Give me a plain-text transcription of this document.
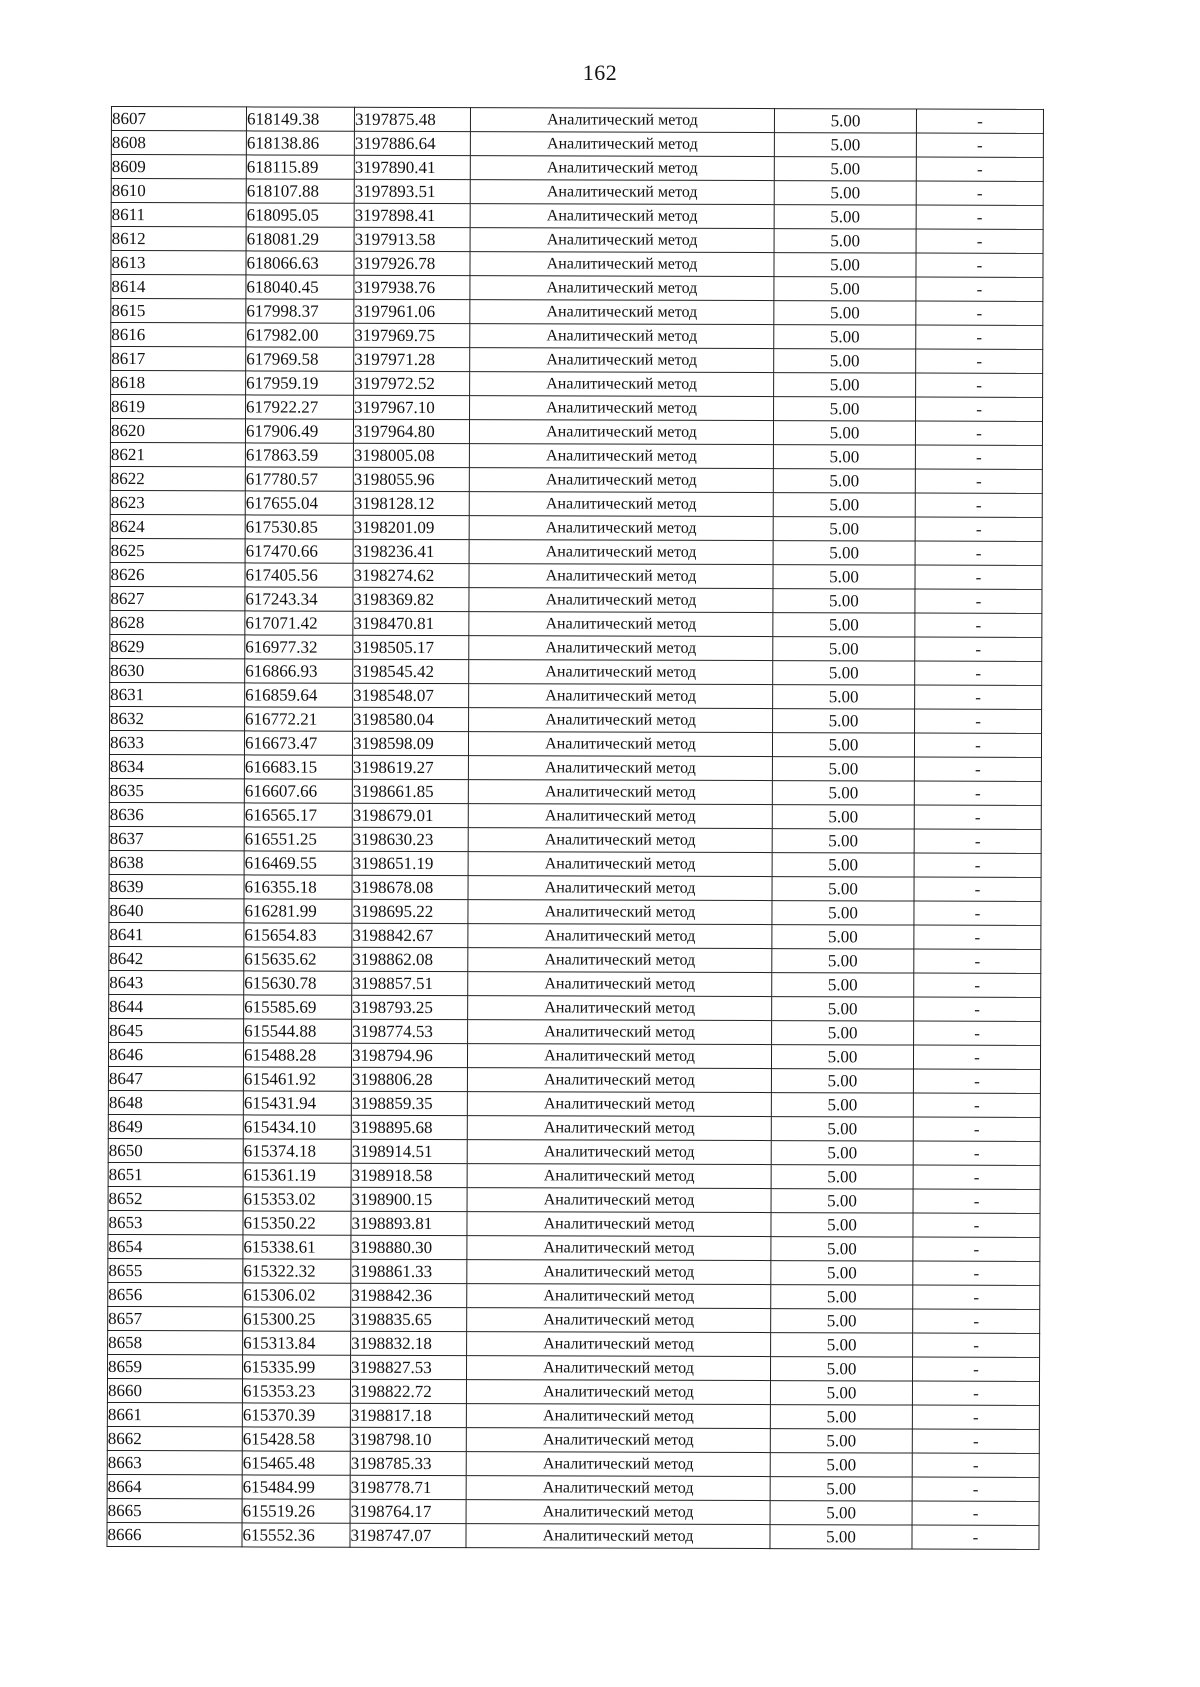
162
8607	618149.38	3197875.48	Аналитический метод	5.00	-
8608	618138.86	3197886.64	Аналитический метод	5.00	-
8609	618115.89	3197890.41	Аналитический метод	5.00	-
8610	618107.88	3197893.51	Аналитический метод	5.00	-
8611	618095.05	3197898.41	Аналитический метод	5.00	-
8612	618081.29	3197913.58	Аналитический метод	5.00	-
8613	618066.63	3197926.78	Аналитический метод	5.00	-
8614	618040.45	3197938.76	Аналитический метод	5.00	-
8615	617998.37	3197961.06	Аналитический метод	5.00	-
8616	617982.00	3197969.75	Аналитический метод	5.00	-
8617	617969.58	3197971.28	Аналитический метод	5.00	-
8618	617959.19	3197972.52	Аналитический метод	5.00	-
8619	617922.27	3197967.10	Аналитический метод	5.00	-
8620	617906.49	3197964.80	Аналитический метод	5.00	-
8621	617863.59	3198005.08	Аналитический метод	5.00	-
8622	617780.57	3198055.96	Аналитический метод	5.00	-
8623	617655.04	3198128.12	Аналитический метод	5.00	-
8624	617530.85	3198201.09	Аналитический метод	5.00	-
8625	617470.66	3198236.41	Аналитический метод	5.00	-
8626	617405.56	3198274.62	Аналитический метод	5.00	-
8627	617243.34	3198369.82	Аналитический метод	5.00	-
8628	617071.42	3198470.81	Аналитический метод	5.00	-
8629	616977.32	3198505.17	Аналитический метод	5.00	-
8630	616866.93	3198545.42	Аналитический метод	5.00	-
8631	616859.64	3198548.07	Аналитический метод	5.00	-
8632	616772.21	3198580.04	Аналитический метод	5.00	-
8633	616673.47	3198598.09	Аналитический метод	5.00	-
8634	616683.15	3198619.27	Аналитический метод	5.00	-
8635	616607.66	3198661.85	Аналитический метод	5.00	-
8636	616565.17	3198679.01	Аналитический метод	5.00	-
8637	616551.25	3198630.23	Аналитический метод	5.00	-
8638	616469.55	3198651.19	Аналитический метод	5.00	-
8639	616355.18	3198678.08	Аналитический метод	5.00	-
8640	616281.99	3198695.22	Аналитический метод	5.00	-
8641	615654.83	3198842.67	Аналитический метод	5.00	-
8642	615635.62	3198862.08	Аналитический метод	5.00	-
8643	615630.78	3198857.51	Аналитический метод	5.00	-
8644	615585.69	3198793.25	Аналитический метод	5.00	-
8645	615544.88	3198774.53	Аналитический метод	5.00	-
8646	615488.28	3198794.96	Аналитический метод	5.00	-
8647	615461.92	3198806.28	Аналитический метод	5.00	-
8648	615431.94	3198859.35	Аналитический метод	5.00	-
8649	615434.10	3198895.68	Аналитический метод	5.00	-
8650	615374.18	3198914.51	Аналитический метод	5.00	-
8651	615361.19	3198918.58	Аналитический метод	5.00	-
8652	615353.02	3198900.15	Аналитический метод	5.00	-
8653	615350.22	3198893.81	Аналитический метод	5.00	-
8654	615338.61	3198880.30	Аналитический метод	5.00	-
8655	615322.32	3198861.33	Аналитический метод	5.00	-
8656	615306.02	3198842.36	Аналитический метод	5.00	-
8657	615300.25	3198835.65	Аналитический метод	5.00	-
8658	615313.84	3198832.18	Аналитический метод	5.00	-
8659	615335.99	3198827.53	Аналитический метод	5.00	-
8660	615353.23	3198822.72	Аналитический метод	5.00	-
8661	615370.39	3198817.18	Аналитический метод	5.00	-
8662	615428.58	3198798.10	Аналитический метод	5.00	-
8663	615465.48	3198785.33	Аналитический метод	5.00	-
8664	615484.99	3198778.71	Аналитический метод	5.00	-
8665	615519.26	3198764.17	Аналитический метод	5.00	-
8666	615552.36	3198747.07	Аналитический метод	5.00	-
